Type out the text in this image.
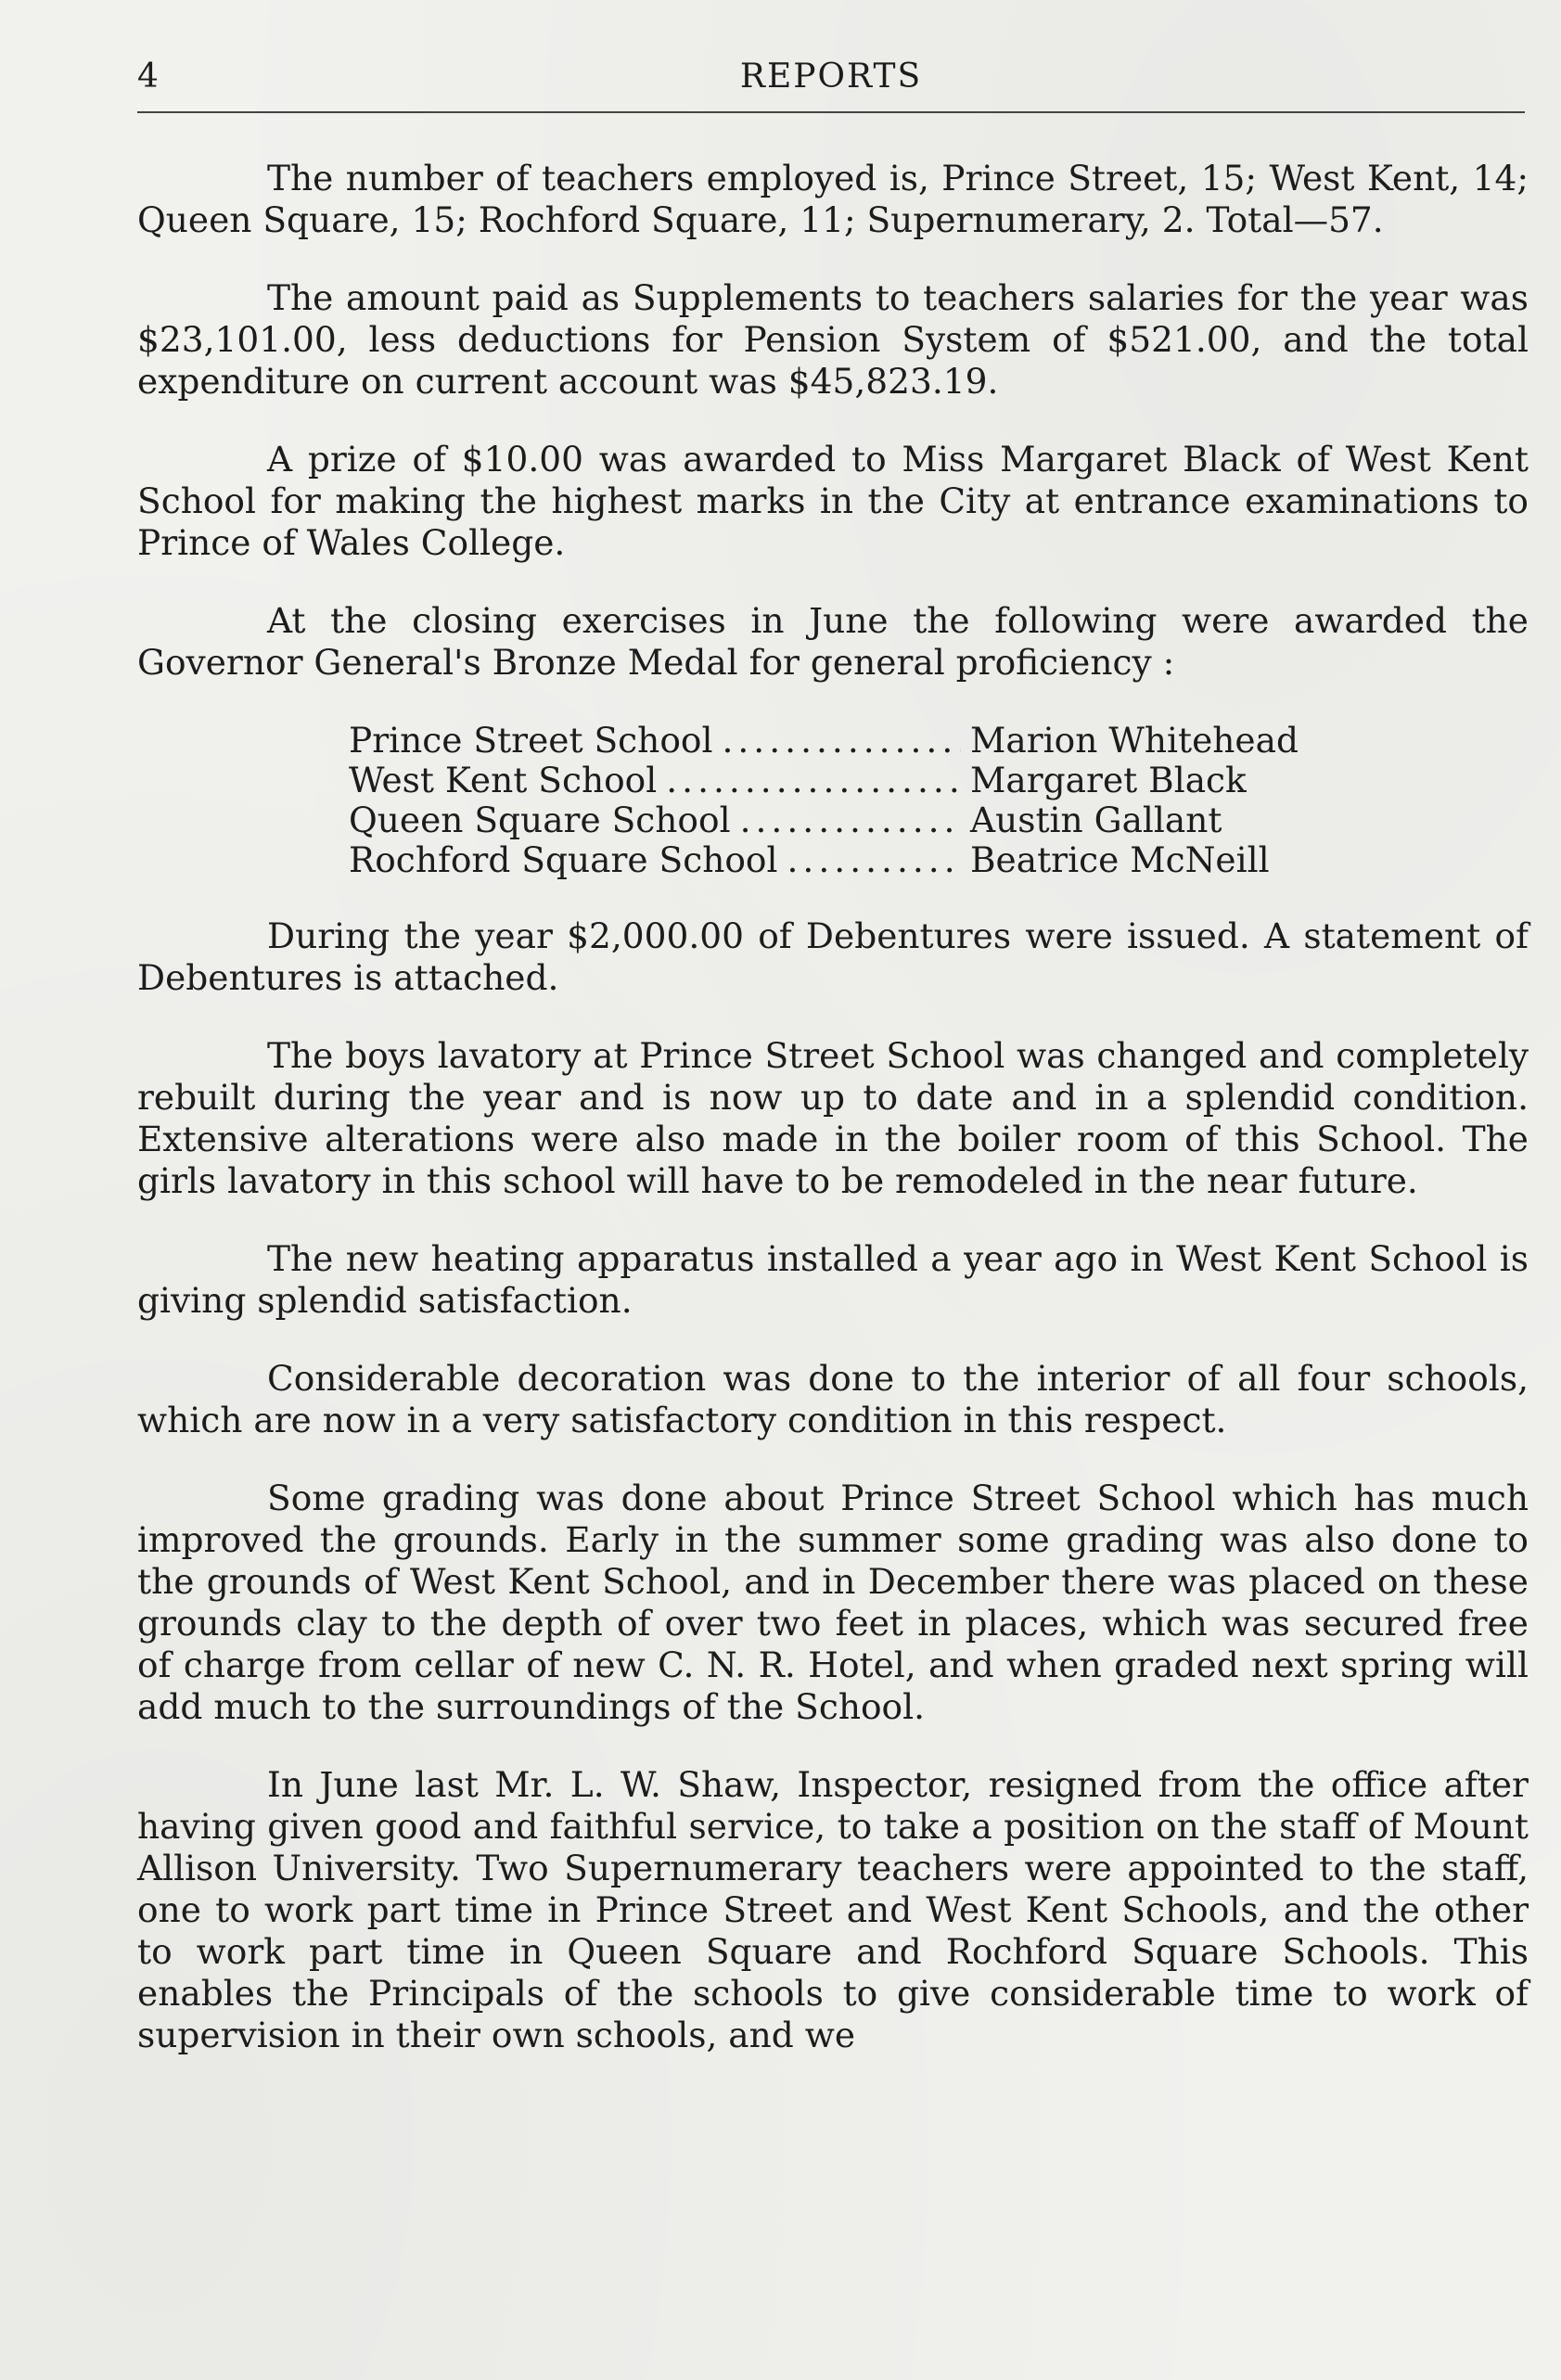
4	REPORTS

The number of teachers employed is, Prince Street, 15; West Kent, 14; Queen Square, 15; Rochford Square, 11; Supernumerary, 2. Total—57.

The amount paid as Supplements to teachers salaries for the year was $23,101.00, less deductions for Pension System of $521.00, and the total expenditure on current account was $45,823.19.

A prize of $10.00 was awarded to Miss Margaret Black of West Kent School for making the highest marks in the City at entrance examinations to Prince of Wales College.

At the closing exercises in June the following were awarded the Governor General's Bronze Medal for general proficiency :

Prince Street School .....	Marion Whitehead
West Kent School .....	Margaret Black
Queen Square School .....	Austin Gallant
Rochford Square School .....	Beatrice McNeill

During the year $2,000.00 of Debentures were issued. A statement of Debentures is attached.

The boys lavatory at Prince Street School was changed and completely rebuilt during the year and is now up to date and in a splendid condition. Extensive alterations were also made in the boiler room of this School. The girls lavatory in this school will have to be remodeled in the near future.

The new heating apparatus installed a year ago in West Kent School is giving splendid satisfaction.

Considerable decoration was done to the interior of all four schools, which are now in a very satisfactory condition in this respect.

Some grading was done about Prince Street School which has much improved the grounds. Early in the summer some grading was also done to the grounds of West Kent School, and in December there was placed on these grounds clay to the depth of over two feet in places, which was secured free of charge from cellar of new C. N. R. Hotel, and when graded next spring will add much to the surroundings of the School.

In June last Mr. L. W. Shaw, Inspector, resigned from the office after having given good and faithful service, to take a position on the staff of Mount Allison University. Two Supernumerary teachers were appointed to the staff, one to work part time in Prince Street and West Kent Schools, and the other to work part time in Queen Square and Rochford Square Schools. This enables the Principals of the schools to give considerable time to work of supervision in their own schools, and we
